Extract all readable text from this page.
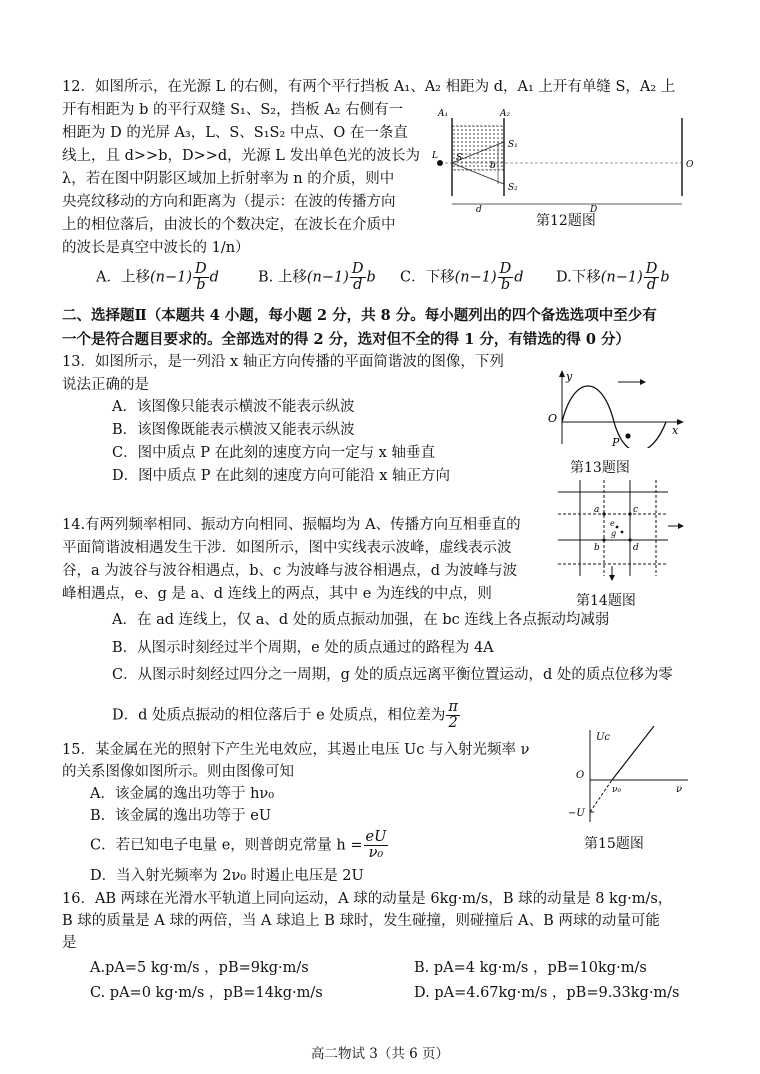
12．如图所示，在光源 L 的右侧，有两个平行挡板 A₁、A₂ 相距为 d，A₁ 上开有单缝 S，A₂ 上
开有相距为 b 的平行双缝 S₁、S₂，挡板 A₂ 右侧有一
相距为 D 的光屏 A₃，L、S、S₁S₂ 中点、O 在一条直
线上，且 d>>b，D>>d，光源 L 发出单色光的波长为
λ，若在图中阴影区域加上折射率为 n 的介质，则中
央亮纹移动的方向和距离为（提示：在波的传播方向
上的相位落后，由波长的个数决定，在波长在介质中
的波长是真空中波长的 1/n）
A₁	A₂
S₁
S₂
b
L S
O
d	D
第12题图
A．上移$(n-1) \frac{D}{b}$ d	B. 上移$(n-1) \frac{D}{d}$ b C．下移$(n-1) \frac{D}{b}$ d D.下移$(n-1) \frac{D}{d}$ b
二、选择题Ⅱ（本题共 4 小题，每小题 2 分，共 8 分。每小题列出的四个备选选项中至少有
一个是符合题目要求的。全部选对的得 2 分，选对但不全的得 1 分，有错选的得 0 分）
13．如图所示，是一列沿 x 轴正方向传播的平面简谐波的图像，下列
说法正确的是
A．该图像只能表示横波不能表示纵波
B．该图像既能表示横波又能表示纵波
C．图中质点 P 在此刻的速度方向一定与 x 轴垂直
D．图中质点 P 在此刻的速度方向可能沿 x 轴正方向
y
O
x
P
第13题图
14.有两列频率相同、振动方向相同、振幅均为 A、传播方向互相垂直的
平面简谐波相遇发生干涉．如图所示，图中实线表示波峰，虚线表示波
谷，a 为波谷与波谷相遇点，b、c 为波峰与波谷相遇点，d 为波峰与波
峰相遇点，e、g 是 a、d 连线上的两点，其中 e 为连线的中点，则
a
b
c
d
e
g
第14题图
A．在 ad 连线上，仅 a、d 处的质点振动加强，在 bc 连线上各点振动均减弱
B．从图示时刻经过半个周期，e 处的质点通过的路程为 4A
C．从图示时刻经过四分之一周期，g 处的质点远离平衡位置运动，d 处的质点位移为零
D．d 处质点振动的相位落后于 e 处质点，相位差为 $\frac{\pi}{2}$
15．某金属在光的照射下产生光电效应，其遏止电压 Uc 与入射光频率 ν
的关系图像如图所示。则由图像可知
A．该金属的逸出功等于 hν₀
B．该金属的逸出功等于 eU
C．若已知电子电量 e，则普朗克常量 $h = \frac{eU}{\text{ν₀}}$
D．当入射光频率为 2ν₀ 时遏止电压是 2U
Uc
O
ν₀	ν
−U
第15题图
16．AB 两球在光滑水平轨道上同向运动，A 球的动量是 6kg·m/s，B 球的动量是 8 kg·m/s，
B 球的质量是 A 球的两倍，当 A 球追上 B 球时，发生碰撞，则碰撞后 A、B 两球的动量可能
是
A.pA=5 kg·m/s ，pB=9kg·m/s	B. pA=4 kg·m/s ，pB=10kg·m/s
C. pA=0 kg·m/s ，pB=14kg·m/s	D. pA=4.67kg·m/s ，pB=9.33kg·m/s
高二物试 3（共 6 页）
